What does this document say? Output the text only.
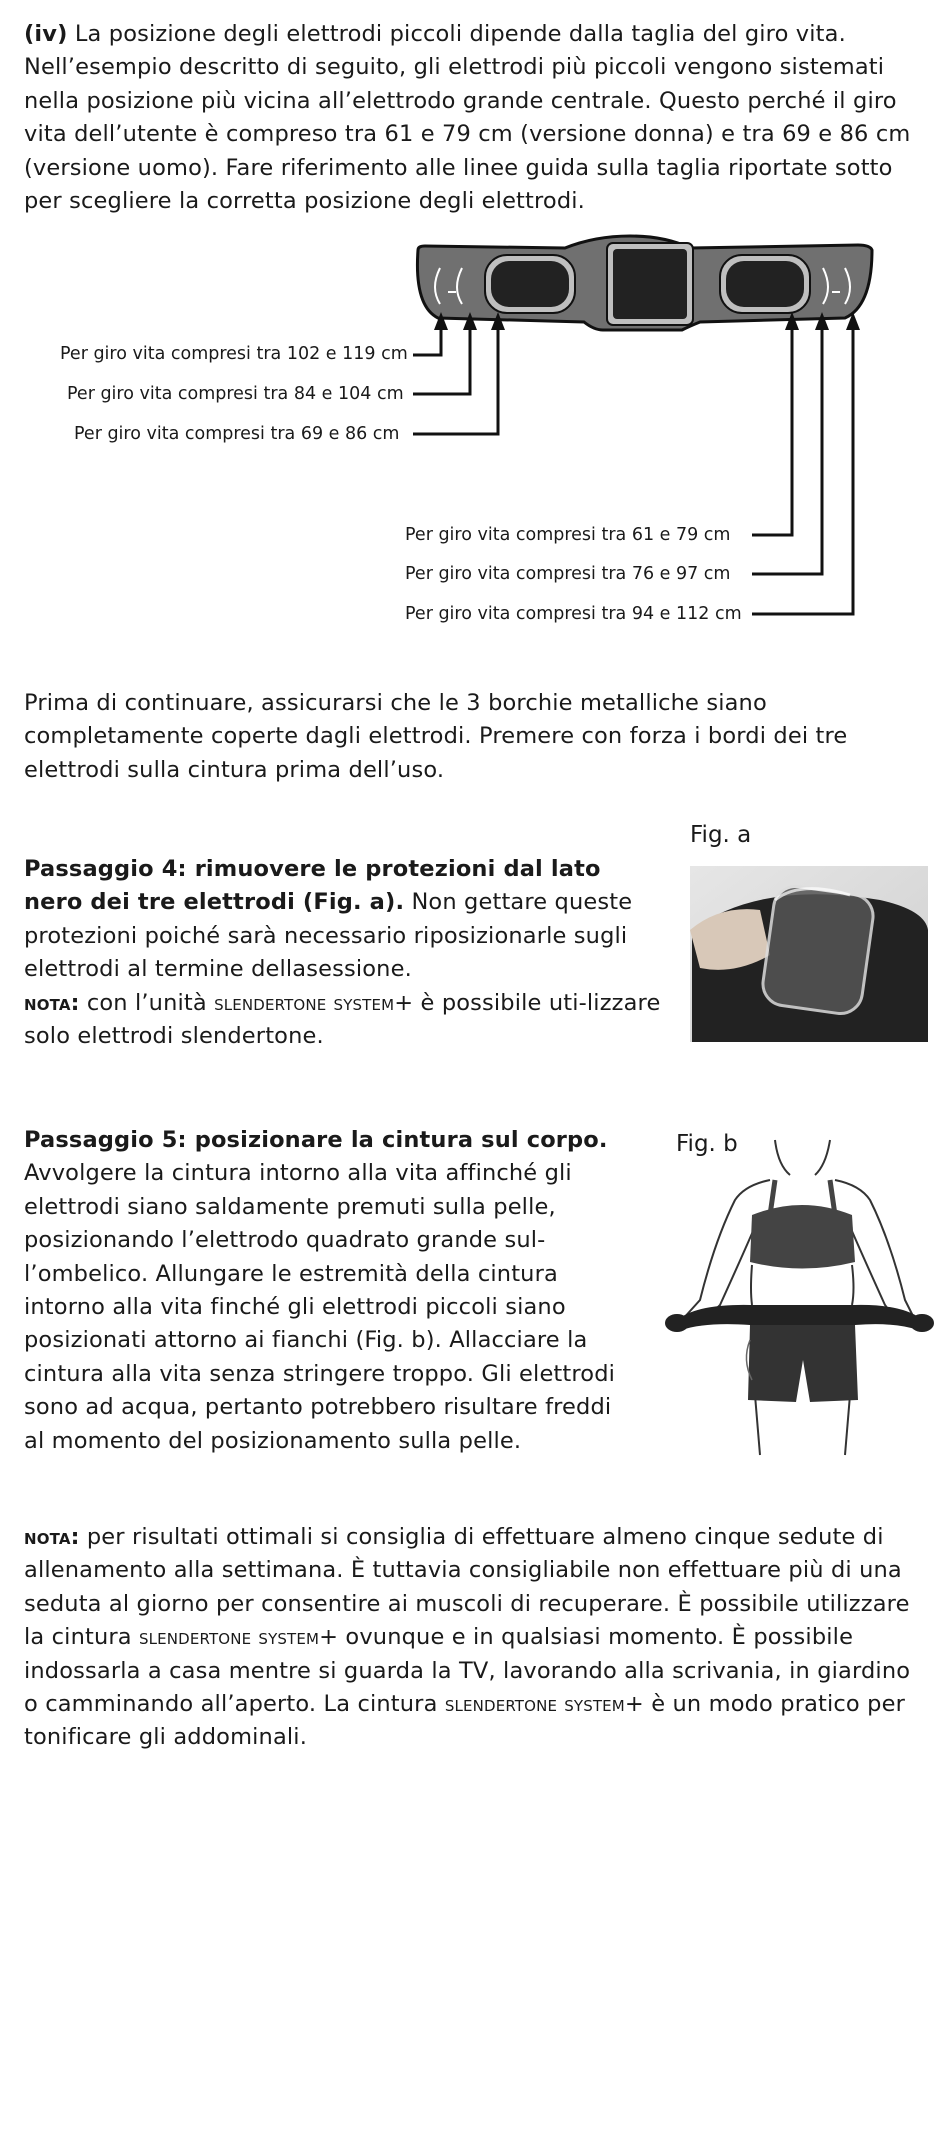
(iv) La posizione degli elettrodi piccoli dipende dalla taglia del giro vita. Nell’esempio descritto di seguito, gli elettrodi più piccoli vengono sistemati nella posizione più vicina all’elettrodo grande centrale. Questo perché il giro vita dell’utente è compreso tra 61 e 79 cm (versione donna) e tra 69 e 86 cm (versione uomo). Fare riferimento alle linee guida sulla taglia riportate sotto per scegliere la corretta posizione degli elettrodi.

Per giro vita compresi tra 102 e 119 cm
Per giro vita compresi tra 84 e 104 cm
Per giro vita compresi tra 69 e 86 cm
Per giro vita compresi tra 61 e 79 cm
Per giro vita compresi tra 76 e 97 cm
Per giro vita compresi tra 94 e 112 cm

Prima di continuare, assicurarsi che le 3 borchie metalliche siano completamente coperte dagli elettrodi. Premere con forza i bordi dei tre elettrodi sulla cintura prima dell’uso.

Passaggio 4: rimuovere le protezioni dal lato nero dei tre elettrodi (Fig. a). Non gettare queste protezioni poiché sarà necessario riposizionarle sugli elettrodi al termine dellasessione.
nota: con l’unità slendertone system+ è possibile uti-lizzare solo elettrodi slendertone.

Fig. a

Passaggio 5: posizionare la cintura sul corpo.
Avvolgere la cintura intorno alla vita affinché gli elettrodi siano saldamente premuti sulla pelle, posizionando l’elettrodo quadrato grande sul-l’ombelico. Allungare le estremità della cintura intorno alla vita finché gli elettrodi piccoli siano posizionati attorno ai fianchi (Fig. b). Allacciare la cintura alla vita senza stringere troppo. Gli elettrodi sono ad acqua, pertanto potrebbero risultare freddi al momento del posizionamento sulla pelle.

Fig. b

nota: per risultati ottimali si consiglia di effettuare almeno cinque sedute di allenamento alla settimana. È tuttavia consigliabile non effettuare più di una seduta al giorno per consentire ai muscoli di recuperare. È possibile utilizzare la cintura slendertone system+ ovunque e in qualsiasi momento. È possibile indossarla a casa mentre si guarda la TV, lavorando alla scrivania, in giardino o camminando all’aperto. La cintura slendertone system+ è un modo pratico per tonificare gli addominali.
